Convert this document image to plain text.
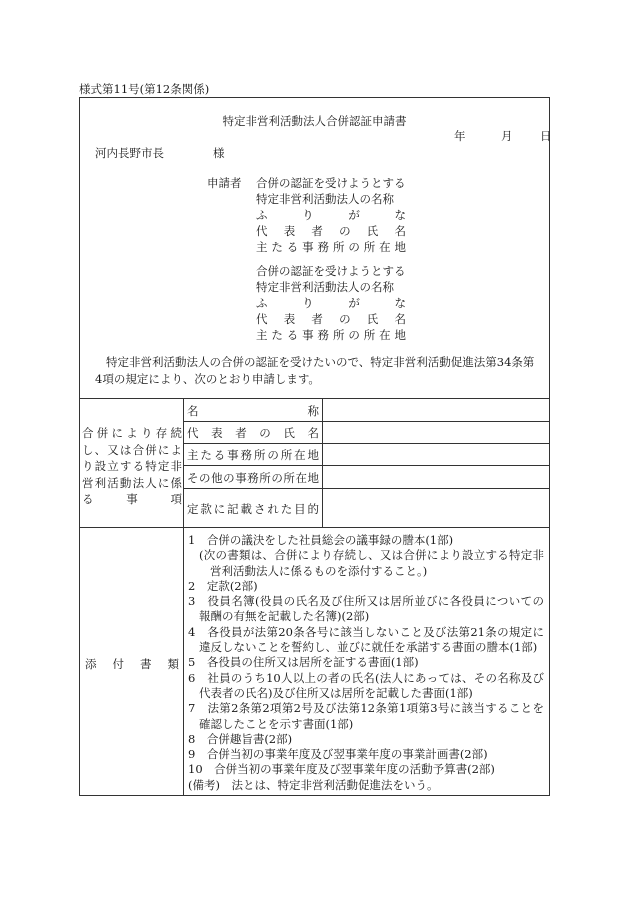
様式第11号(第12条関係)
特定非営利活動法人合併認証申請書
年	月 日
河内長野市長	様
申請者 合併の認証を受けようとする
特定非営利活動法人の名称
ふりがな
代表者の氏名
主たる事務所の所在地
合併の認証を受けようとする
特定非営利活動法人の名称
ふりがな
代表者の氏名
主たる事務所の所在地
特定非営利活動法人の合併の認証を受けたいので、特定非営利活動促進法第34条第4項の規定により、次のとおり申請します。
合併により存続し、又は合併により設立する特定非営利活動法人に係る事項
名称
代表者の氏名
主たる事務所の所在地
その他の事務所の所在地
定款に記載された目的
添付書類
1　合併の議決をした社員総会の議事録の謄本(1部)
(次の書類は、合併により存続し、又は合併により設立する特定非営利活動法人に係るものを添付すること。)
2　定款(2部)
3　役員名簿(役員の氏名及び住所又は居所並びに各役員についての報酬の有無を記載した名簿)(2部)
4　各役員が法第20条各号に該当しないこと及び法第21条の規定に違反しないことを誓約し、並びに就任を承諾する書面の謄本(1部)
5　各役員の住所又は居所を証する書面(1部)
6　社員のうち10人以上の者の氏名(法人にあっては、その名称及び代表者の氏名)及び住所又は居所を記載した書面(1部)
7　法第2条第2項第2号及び法第12条第1項第3号に該当することを確認したことを示す書面(1部)
8　合併趣旨書(2部)
9　合併当初の事業年度及び翌事業年度の事業計画書(2部)
10　合併当初の事業年度及び翌事業年度の活動予算書(2部)
(備考)　法とは、特定非営利活動促進法をいう。
